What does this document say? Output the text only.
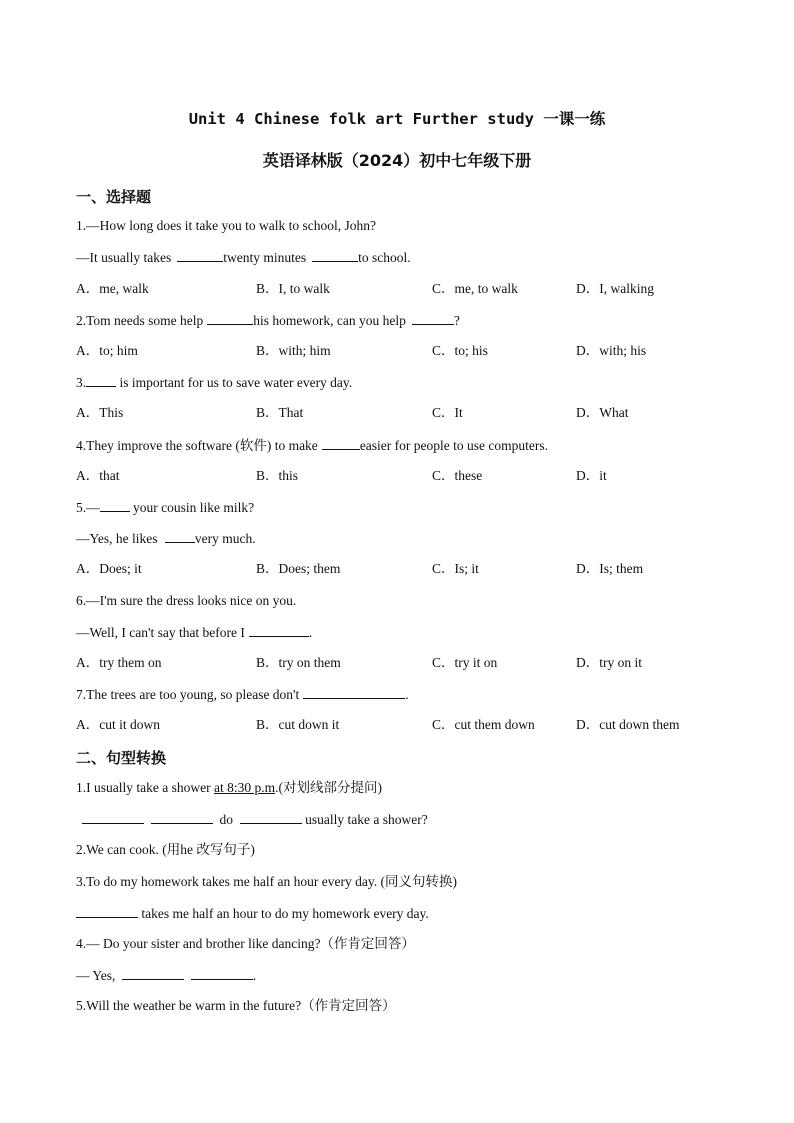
Unit 4 Chinese folk art Further study 一课一练
英语译林版（2024）初中七年级下册
一、选择题
1.—How long does it take you to walk to school, John?
—It usually takes	twenty minutes	to school.
A．me, walk	B．I, to walk	C．me, to walk	D．I, walking
2.Tom needs some help	his homework, can you help	?
A．to; him	B．with; him	C．to; his	D．with; his
3. is important for us to save water every day.
A．This	B．That	C．It	D．What
4.They improve the software (软件) to make	easier for people to use computers.
A．that	B．this	C．these	D．it
5.— your cousin like milk?
—Yes, he likes	very much.
A．Does; it	B．Does; them	C．Is; it	D．Is; them
6.—I'm sure the dress looks nice on you.
—Well, I can't say that before I	.
A．try them on	B．try on them	C．try it on	D．try on it
7.The trees are too young, so please don't	.
A．cut it down	B．cut down it	C．cut them down	D．cut down them
二、句型转换
1.I usually take a shower at 8:30 p.m.(对划线部分提问)
do	usually take a shower?
2.We can cook. (用he 改写句子)
3.To do my homework takes me half an hour every day. (同义句转换)
takes me half an hour to do my homework every day.
4.— Do your sister and brother like dancing?（作肯定回答）
— Yes,	.
5.Will the weather be warm in the future?（作肯定回答）
